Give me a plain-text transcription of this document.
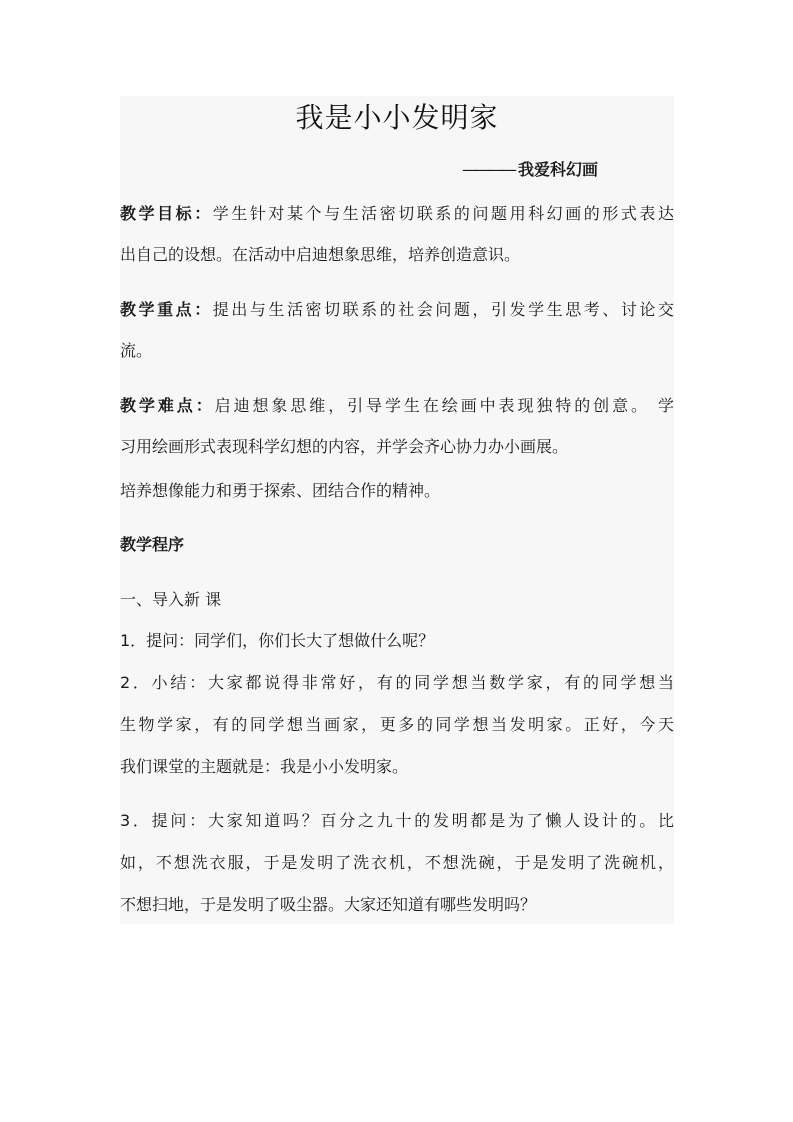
我是小小发明家
———— 我爱科幻画
教学目标：学生针对某个与生活密切联系的问题用科幻画的形式表达
出自己的设想。在活动中启迪想象思维，培养创造意识。
教学重点：提出与生活密切联系的社会问题，引发学生思考、讨论交
流。
教学难点：启迪想象思维，引导学生在绘画中表现独特的创意。 学
习用绘画形式表现科学幻想的内容，并学会齐心协力办小画展。
培养想像能力和勇于探索、团结合作的精神。
教学程序
一、导入新 课
1．提问：同学们，你们长大了想做什么呢？
2．小结：大家都说得非常好，有的同学想当数学家，有的同学想当
生物学家，有的同学想当画家，更多的同学想当发明家。正好，今天
我们课堂的主题就是：我是小小发明家。
3．提问：大家知道吗？百分之九十的发明都是为了懒人设计的。比
如，不想洗衣服，于是发明了洗衣机，不想洗碗，于是发明了洗碗机，
不想扫地，于是发明了吸尘器。大家还知道有哪些发明吗？
